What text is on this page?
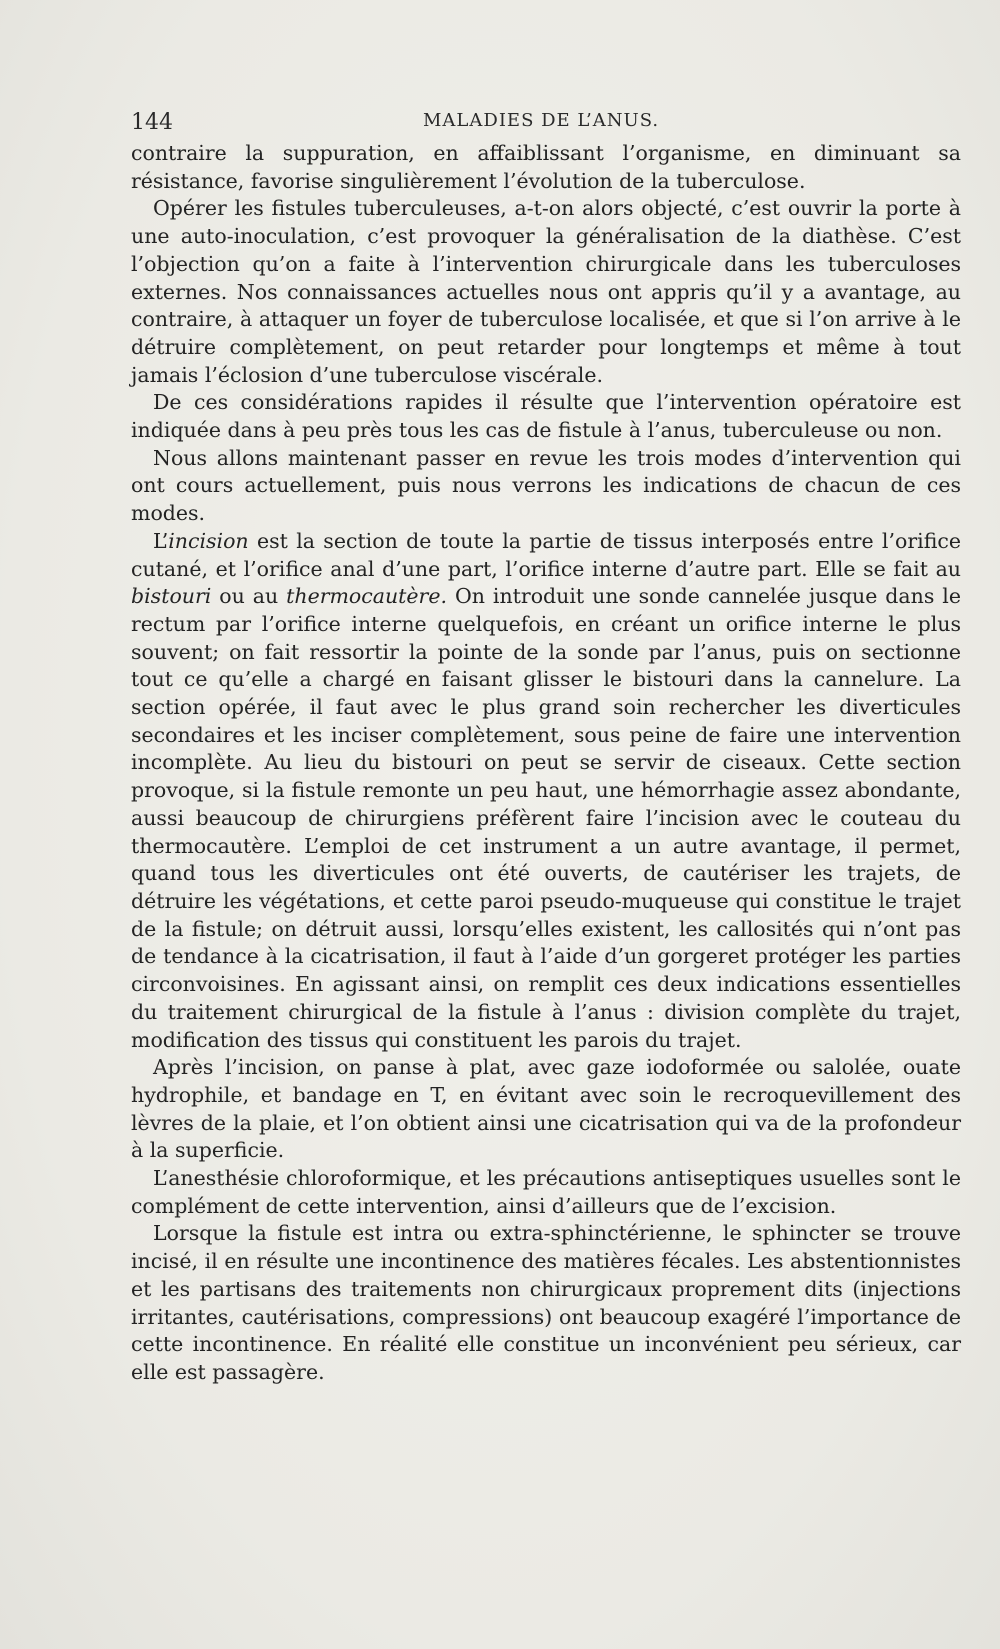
144	MALADIES DE L’ANUS.

contraire la suppuration, en affaiblissant l’organisme, en diminuant sa résistance, favorise singulièrement l’évolution de la tuberculose.

Opérer les fistules tuberculeuses, a-t-on alors objecté, c’est ouvrir la porte à une auto-inoculation, c’est provoquer la généralisation de la diathèse. C’est l’objection qu’on a faite à l’intervention chirurgicale dans les tuberculoses externes. Nos connaissances actuelles nous ont appris qu’il y a avantage, au contraire, à attaquer un foyer de tuberculose localisée, et que si l’on arrive à le détruire complètement, on peut retarder pour longtemps et même à tout jamais l’éclosion d’une tuberculose viscérale.

De ces considérations rapides il résulte que l’intervention opératoire est indiquée dans à peu près tous les cas de fistule à l’anus, tuberculeuse ou non.

Nous allons maintenant passer en revue les trois modes d’intervention qui ont cours actuellement, puis nous verrons les indications de chacun de ces modes.

L’incision est la section de toute la partie de tissus interposés entre l’orifice cutané, et l’orifice anal d’une part, l’orifice interne d’autre part. Elle se fait au bistouri ou au thermocautère. On introduit une sonde cannelée jusque dans le rectum par l’orifice interne quelquefois, en créant un orifice interne le plus souvent; on fait ressortir la pointe de la sonde par l’anus, puis on sectionne tout ce qu’elle a chargé en faisant glisser le bistouri dans la cannelure. La section opérée, il faut avec le plus grand soin rechercher les diverticules secondaires et les inciser complètement, sous peine de faire une intervention incomplète. Au lieu du bistouri on peut se servir de ciseaux. Cette section provoque, si la fistule remonte un peu haut, une hémorrhagie assez abondante, aussi beaucoup de chirurgiens préfèrent faire l’incision avec le couteau du thermocautère. L’emploi de cet instrument a un autre avantage, il permet, quand tous les diverticules ont été ouverts, de cautériser les trajets, de détruire les végétations, et cette paroi pseudo-muqueuse qui constitue le trajet de la fistule; on détruit aussi, lorsqu’elles existent, les callosités qui n’ont pas de tendance à la cicatrisation, il faut à l’aide d’un gorgeret protéger les parties circonvoisines. En agissant ainsi, on remplit ces deux indications essentielles du traitement chirurgical de la fistule à l’anus : division complète du trajet, modification des tissus qui constituent les parois du trajet.

Après l’incision, on panse à plat, avec gaze iodoformée ou salolée, ouate hydrophile, et bandage en T, en évitant avec soin le recroquevillement des lèvres de la plaie, et l’on obtient ainsi une cicatrisation qui va de la profondeur à la superficie.

L’anesthésie chloroformique, et les précautions antiseptiques usuelles sont le complément de cette intervention, ainsi d’ailleurs que de l’excision.

Lorsque la fistule est intra ou extra-sphinctérienne, le sphincter se trouve incisé, il en résulte une incontinence des matières fécales. Les abstentionnistes et les partisans des traitements non chirurgicaux proprement dits (injections irritantes, cautérisations, compressions) ont beaucoup exagéré l’importance de cette incontinence. En réalité elle constitue un inconvénient peu sérieux, car elle est passagère.
